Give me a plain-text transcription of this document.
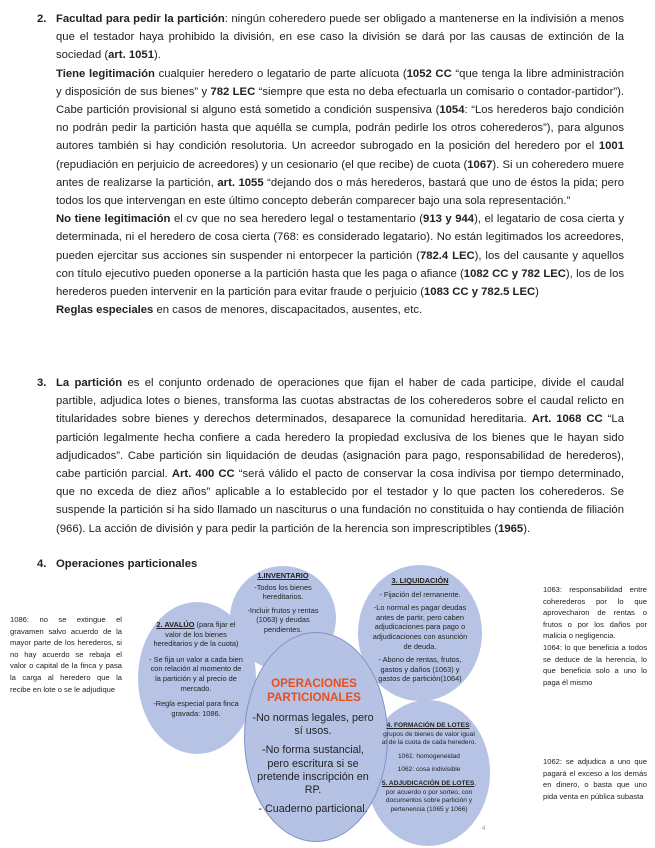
2. Facultad para pedir la partición: ningún coheredero puede ser obligado a mantenerse en la indivisión a menos que el testador haya prohibido la división, en ese caso la división se dará por las causas de extinción de la sociedad (art. 1051).

Tiene legitimación cualquier heredero o legatario de parte alícuota (1052 CC “que tenga la libre administración y disposición de sus bienes” y 782 LEC “siempre que esta no deba efectuarla un comisario o contador-partidor”). Cabe partición provisional si alguno está sometido a condición suspensiva (1054: “Los herederos bajo condición no podrán pedir la partición hasta que aquélla se cumpla, podrán pedirle los otros coherederos”), para algunos autores también si hay condición resolutoria. Un acreedor subrogado en la posición del heredero por el 1001 (repudiación en perjuicio de acreedores) y un cesionario (el que recibe) de cuota (1067). Si un coheredero muere antes de realizarse la partición, art. 1055 “dejando dos o más herederos, bastará que uno de éstos la pida; pero todos los que intervengan en este último concepto deberán comparecer bajo una sola representación.”

No tiene legitimación el cv que no sea heredero legal o testamentario (913 y 944), el legatario de cosa cierta y determinada, ni el heredero de cosa cierta (768: es considerado legatario). No están legitimados los acreedores, pueden ejercitar sus acciones sin suspender ni entorpecer la partición (782.4 LEC), los del causante y aquellos con título ejecutivo pueden oponerse a la partición hasta que les paga o afiance (1082 CC y 782 LEC), los de los herederos pueden intervenir en la partición para evitar fraude o perjuicio (1083 CC y 782.5 LEC)

Reglas especiales en casos de menores, discapacitados, ausentes, etc.

3. La partición es el conjunto ordenado de operaciones que fijan el haber de cada participe, divide el caudal partible, adjudica lotes o bienes, transforma las cuotas abstractas de los coherederos sobre el caudal relicto en titularidades sobre bienes y derechos determinados, desaparece la comunidad hereditaria. Art. 1068 CC “La partición legalmente hecha confiere a cada heredero la propiedad exclusiva de los bienes que le hayan sido adjudicados”. Cabe partición sin liquidación de deudas (asignación para pago, responsabilidad de herederos), cabe partición parcial. Art. 400 CC “será válido el pacto de conservar la cosa indivisa por tiempo determinado, que no exceda de diez años” aplicable a lo establecido por el testador y lo que pacten los coherederos. Se suspende la partición si ha sido llamado un nasciturus o una fundación no constituida o hay contienda de filiación (966). La acción de división y para pedir la partición de la herencia son imprescriptibles (1965).

4. Operaciones particionales

1086: no se extingue el gravamen salvo acuerdo de la mayor parte de los herederos, si no hay acuerdo se rebaja el valor o capital de la finca y pasa la carga al heredero que la recibe en lote o se le adjudique
1063: responsabilidad entre coherederos por lo que aprovecharon de rentas o frutos o por los daños por malicia o negligencia.
1064: lo que beneficia a todos se deduce de la herencia, lo que beneficia solo a uno lo paga él mismo
1062: se adjudica a uno que pagará el exceso a los demás en dinero, o basta que uno pida venta en pública subasta
1.INVENTARIO
-Todos los bienes hereditarios.
-Incluir frutos y rentas (1063) y deudas pendientes.
2. AVALÚO (para fijar el valor de los bienes hereditarios y de la cuota)
- Se fija un valor a cada bien con relación al momento de la partición y al precio de mercado.
-Regla especial para finca gravada: 1086.
3. LIQUIDACIÓN
- Fijación del remanente.
-Lo normal es pagar deudas antes de partir, pero caben adjudicaciones para pago o adjudicaciones con asunción de deuda.
- Abono de rentas, frutos, gastos y daños (1063) y gastos de partición(1064)
4. FORMACIÓN DE LOTES: grupos de bienes de valor igual al de la cuota de cada heredero.
1061: homogeneidad
1062: cosa indivisible
5. ADJUDICACIÓN DE LOTES, por acuerdo o por sorteo, con documentos sobre partición y pertenencia (1065 y 1066)
4
OPERACIONES
PARTICIONALES
-No normas legales, pero sí usos.
-No forma sustancial, pero escritura si se pretende inscripción en RP.
- Cuaderno particional.
